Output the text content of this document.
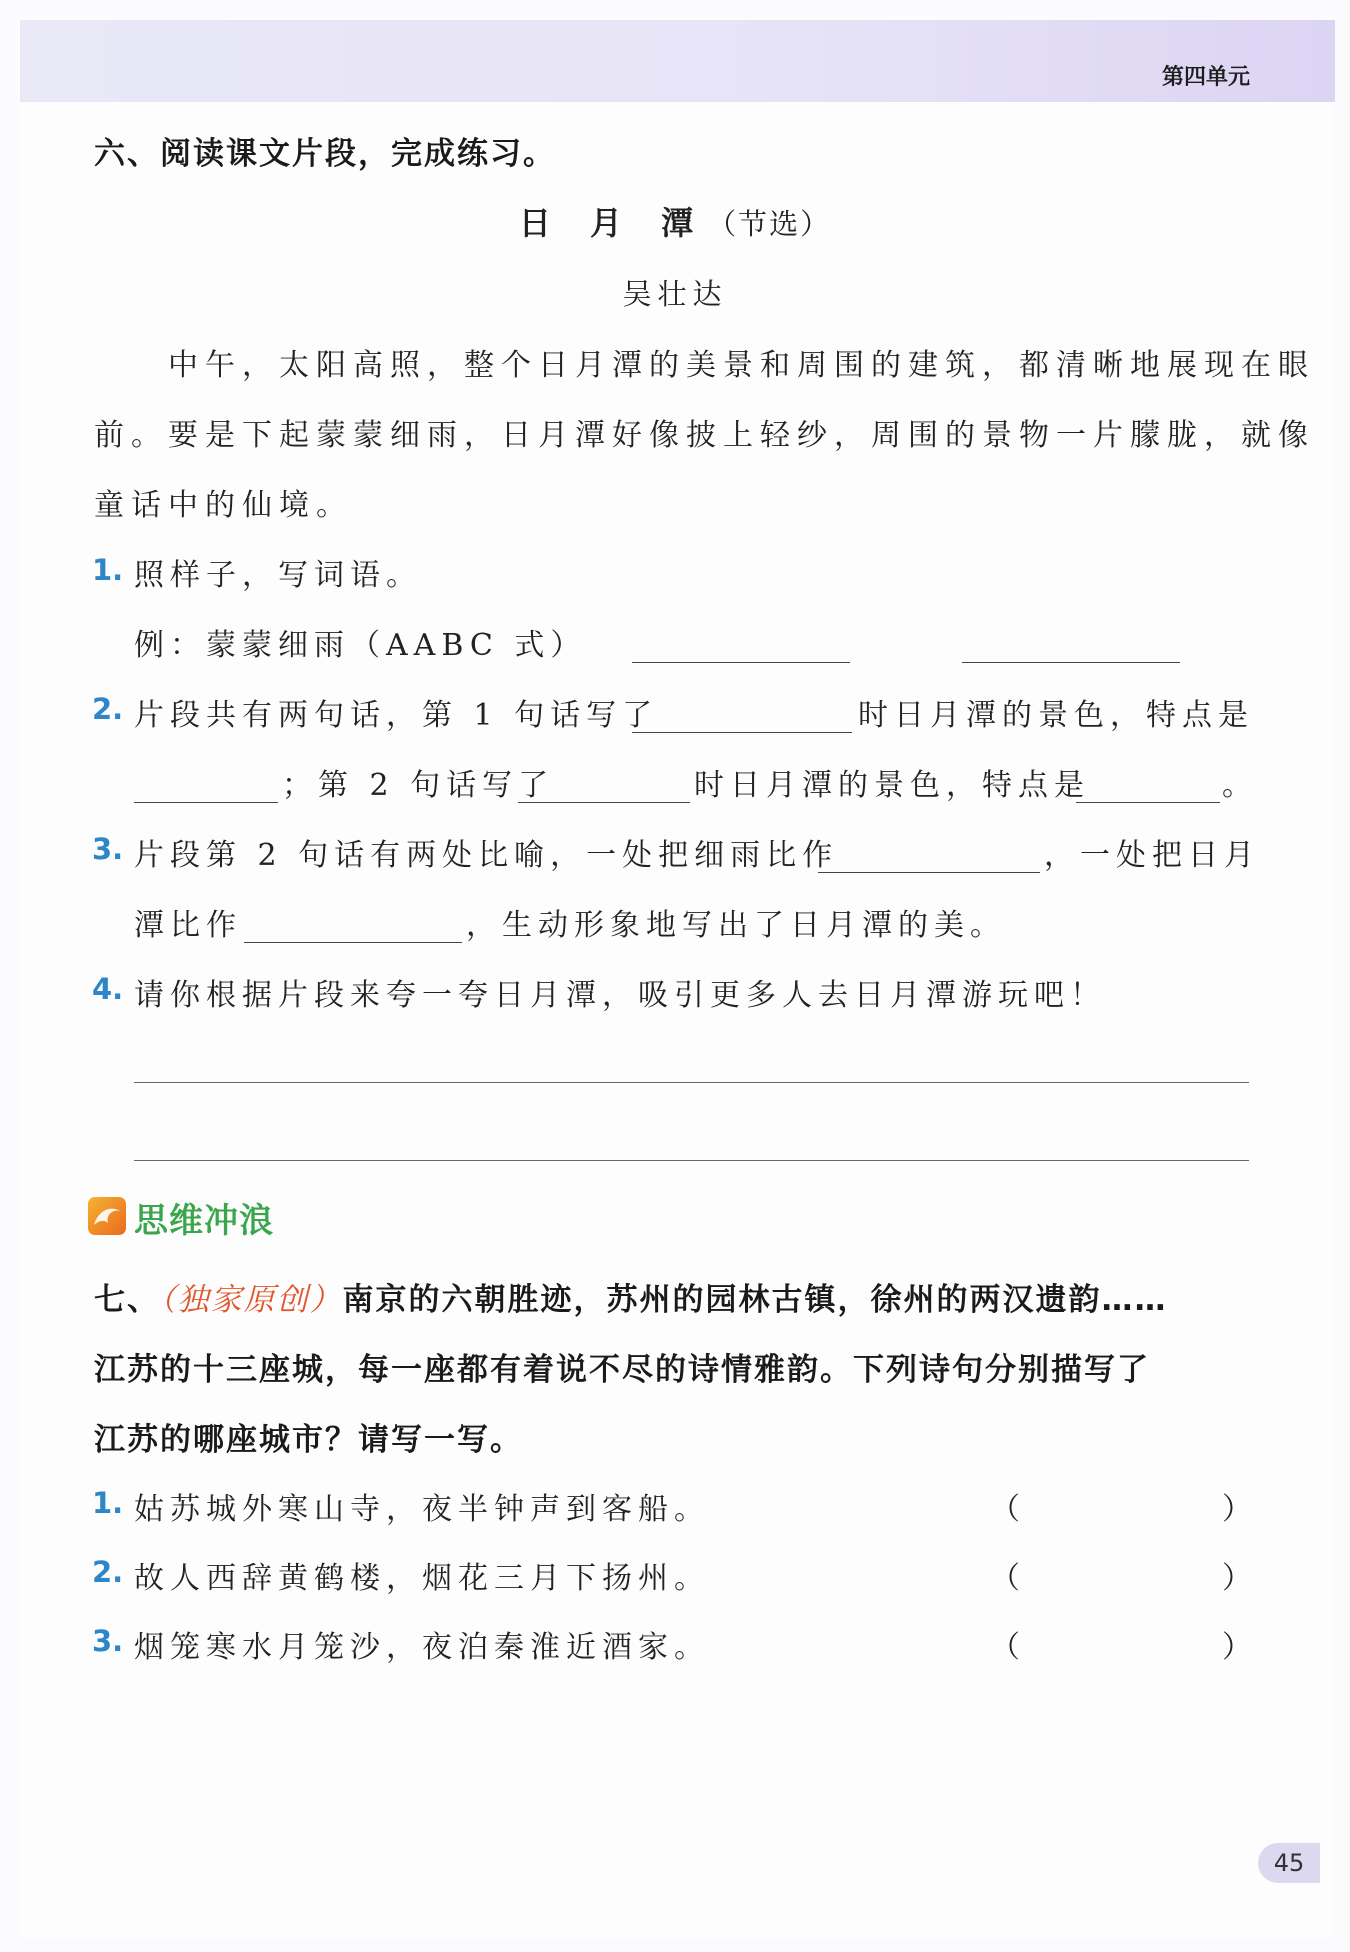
第四单元
六、阅读课文片段，完成练习。
日 月 潭（节选）
吴壮达
中午，太阳高照，整个日月潭的美景和周围的建筑，都清晰地展现在眼
前。要是下起蒙蒙细雨，日月潭好像披上轻纱，周围的景物一片朦胧，就像
童话中的仙境。
1. 照样子，写词语。
例：蒙蒙细雨（AABC 式）
2. 片段共有两句话，第 1 句话写了	时日月潭的景色，特点是
；第 2 句话写了	时日月潭的景色，特点是	。
3. 片段第 2 句话有两处比喻，一处把细雨比作	，一处把日月
潭比作	，生动形象地写出了日月潭的美。
4. 请你根据片段来夸一夸日月潭，吸引更多人去日月潭游玩吧！
思维冲浪
七、（独家原创）南京的六朝胜迹，苏州的园林古镇，徐州的两汉遗韵……
江苏的十三座城，每一座都有着说不尽的诗情雅韵。下列诗句分别描写了
江苏的哪座城市？请写一写。
1. 姑苏城外寒山寺，夜半钟声到客船。	（	）
2. 故人西辞黄鹤楼，烟花三月下扬州。	（	）
3. 烟笼寒水月笼沙，夜泊秦淮近酒家。	（	）
45
